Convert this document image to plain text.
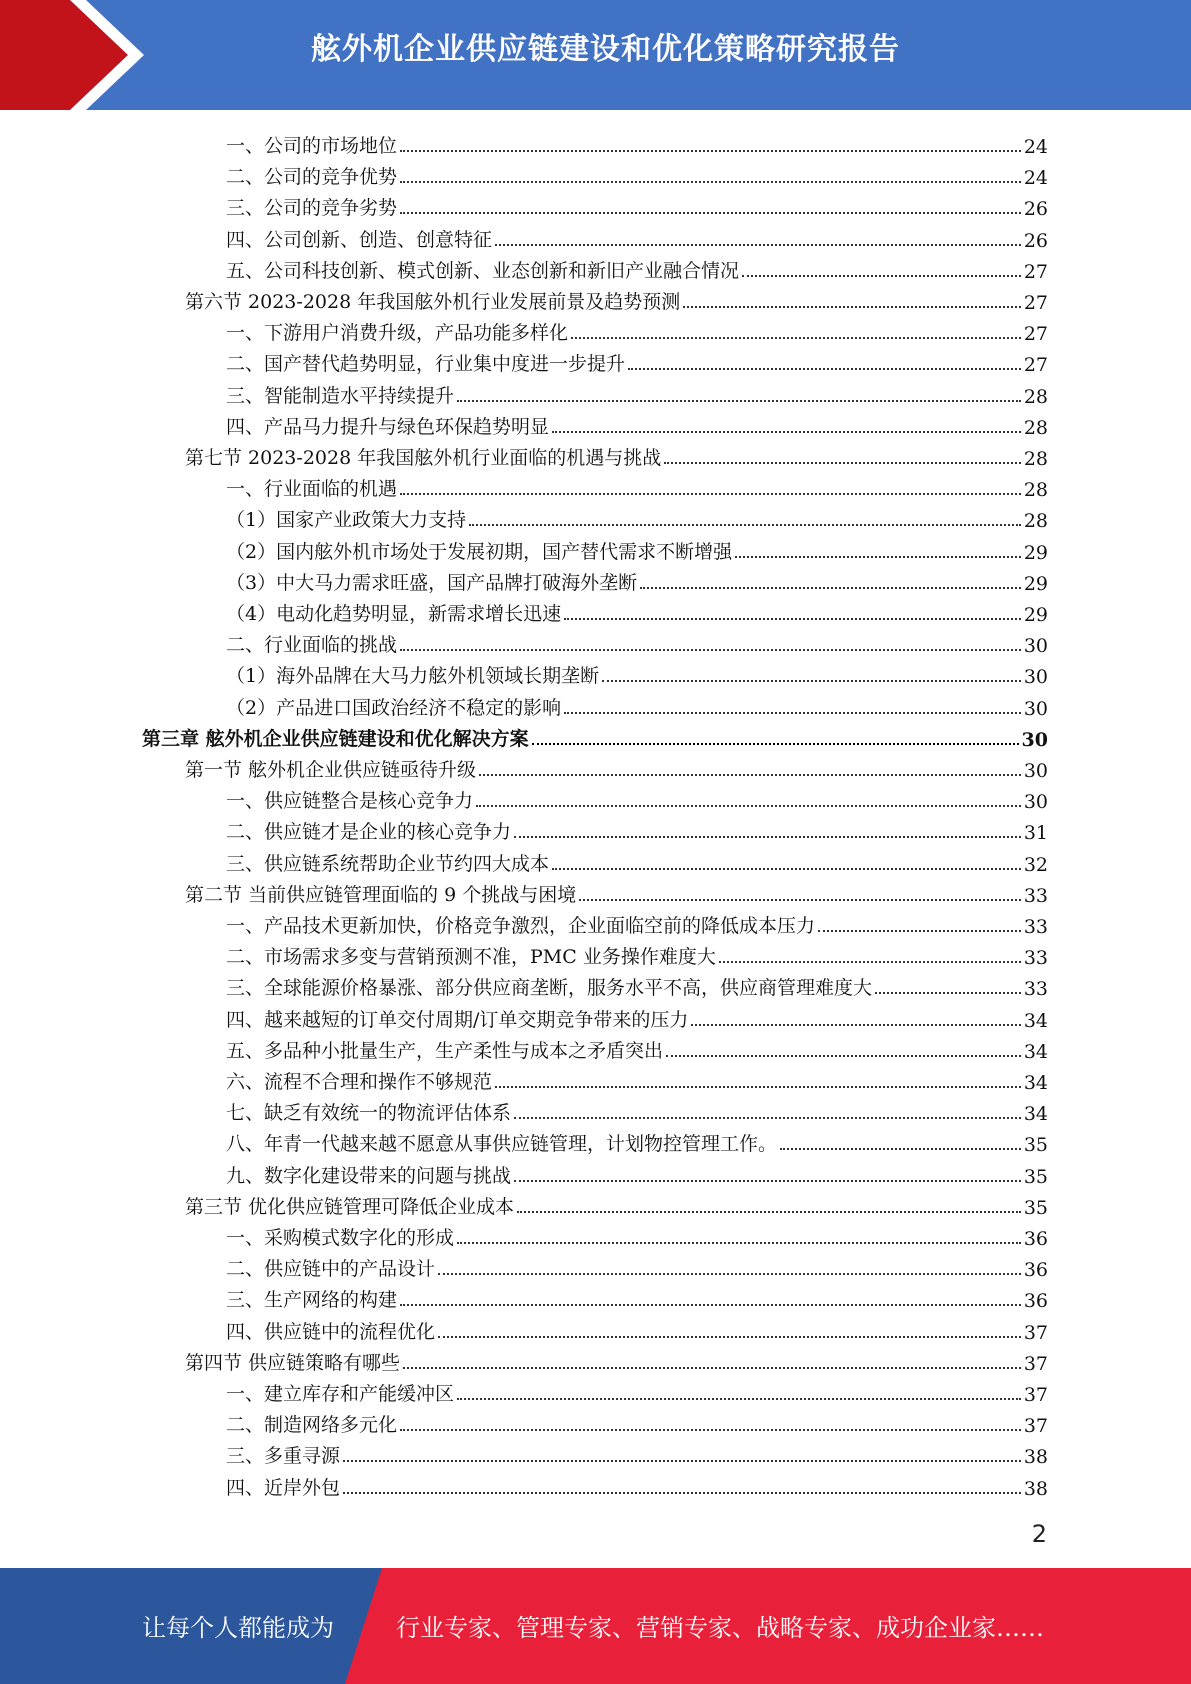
舷外机企业供应链建设和优化策略研究报告
一、公司的市场地位	24
二、公司的竞争优势	24
三、公司的竞争劣势	26
四、公司创新、创造、创意特征	26
五、公司科技创新、模式创新、业态创新和新旧产业融合情况	27
第六节 2023-2028 年我国舷外机行业发展前景及趋势预测	27
一、下游用户消费升级，产品功能多样化	27
二、国产替代趋势明显，行业集中度进一步提升	27
三、智能制造水平持续提升	28
四、产品马力提升与绿色环保趋势明显	28
第七节 2023-2028 年我国舷外机行业面临的机遇与挑战	28
一、行业面临的机遇	28
（1）国家产业政策大力支持	28
（2）国内舷外机市场处于发展初期，国产替代需求不断增强	29
（3）中大马力需求旺盛，国产品牌打破海外垄断	29
（4）电动化趋势明显，新需求增长迅速	29
二、行业面临的挑战	30
（1）海外品牌在大马力舷外机领域长期垄断	30
（2）产品进口国政治经济不稳定的影响	30
第三章 舷外机企业供应链建设和优化解决方案	30
第一节 舷外机企业供应链亟待升级	30
一、供应链整合是核心竞争力	30
二、供应链才是企业的核心竞争力	31
三、供应链系统帮助企业节约四大成本	32
第二节 当前供应链管理面临的 9 个挑战与困境	33
一、产品技术更新加快，价格竞争激烈，企业面临空前的降低成本压力	33
二、市场需求多变与营销预测不准，PMC 业务操作难度大	33
三、全球能源价格暴涨、部分供应商垄断，服务水平不高，供应商管理难度大	33
四、越来越短的订单交付周期/订单交期竞争带来的压力	34
五、多品种小批量生产，生产柔性与成本之矛盾突出	34
六、流程不合理和操作不够规范	34
七、缺乏有效统一的物流评估体系	34
八、年青一代越来越不愿意从事供应链管理，计划物控管理工作。	35
九、数字化建设带来的问题与挑战	35
第三节 优化供应链管理可降低企业成本	35
一、采购模式数字化的形成	36
二、供应链中的产品设计	36
三、生产网络的构建	36
四、供应链中的流程优化	37
第四节 供应链策略有哪些	37
一、建立库存和产能缓冲区	37
二、制造网络多元化	37
三、多重寻源	38
四、近岸外包	38
2
让每个人都能成为	行业专家、管理专家、营销专家、战略专家、成功企业家……
